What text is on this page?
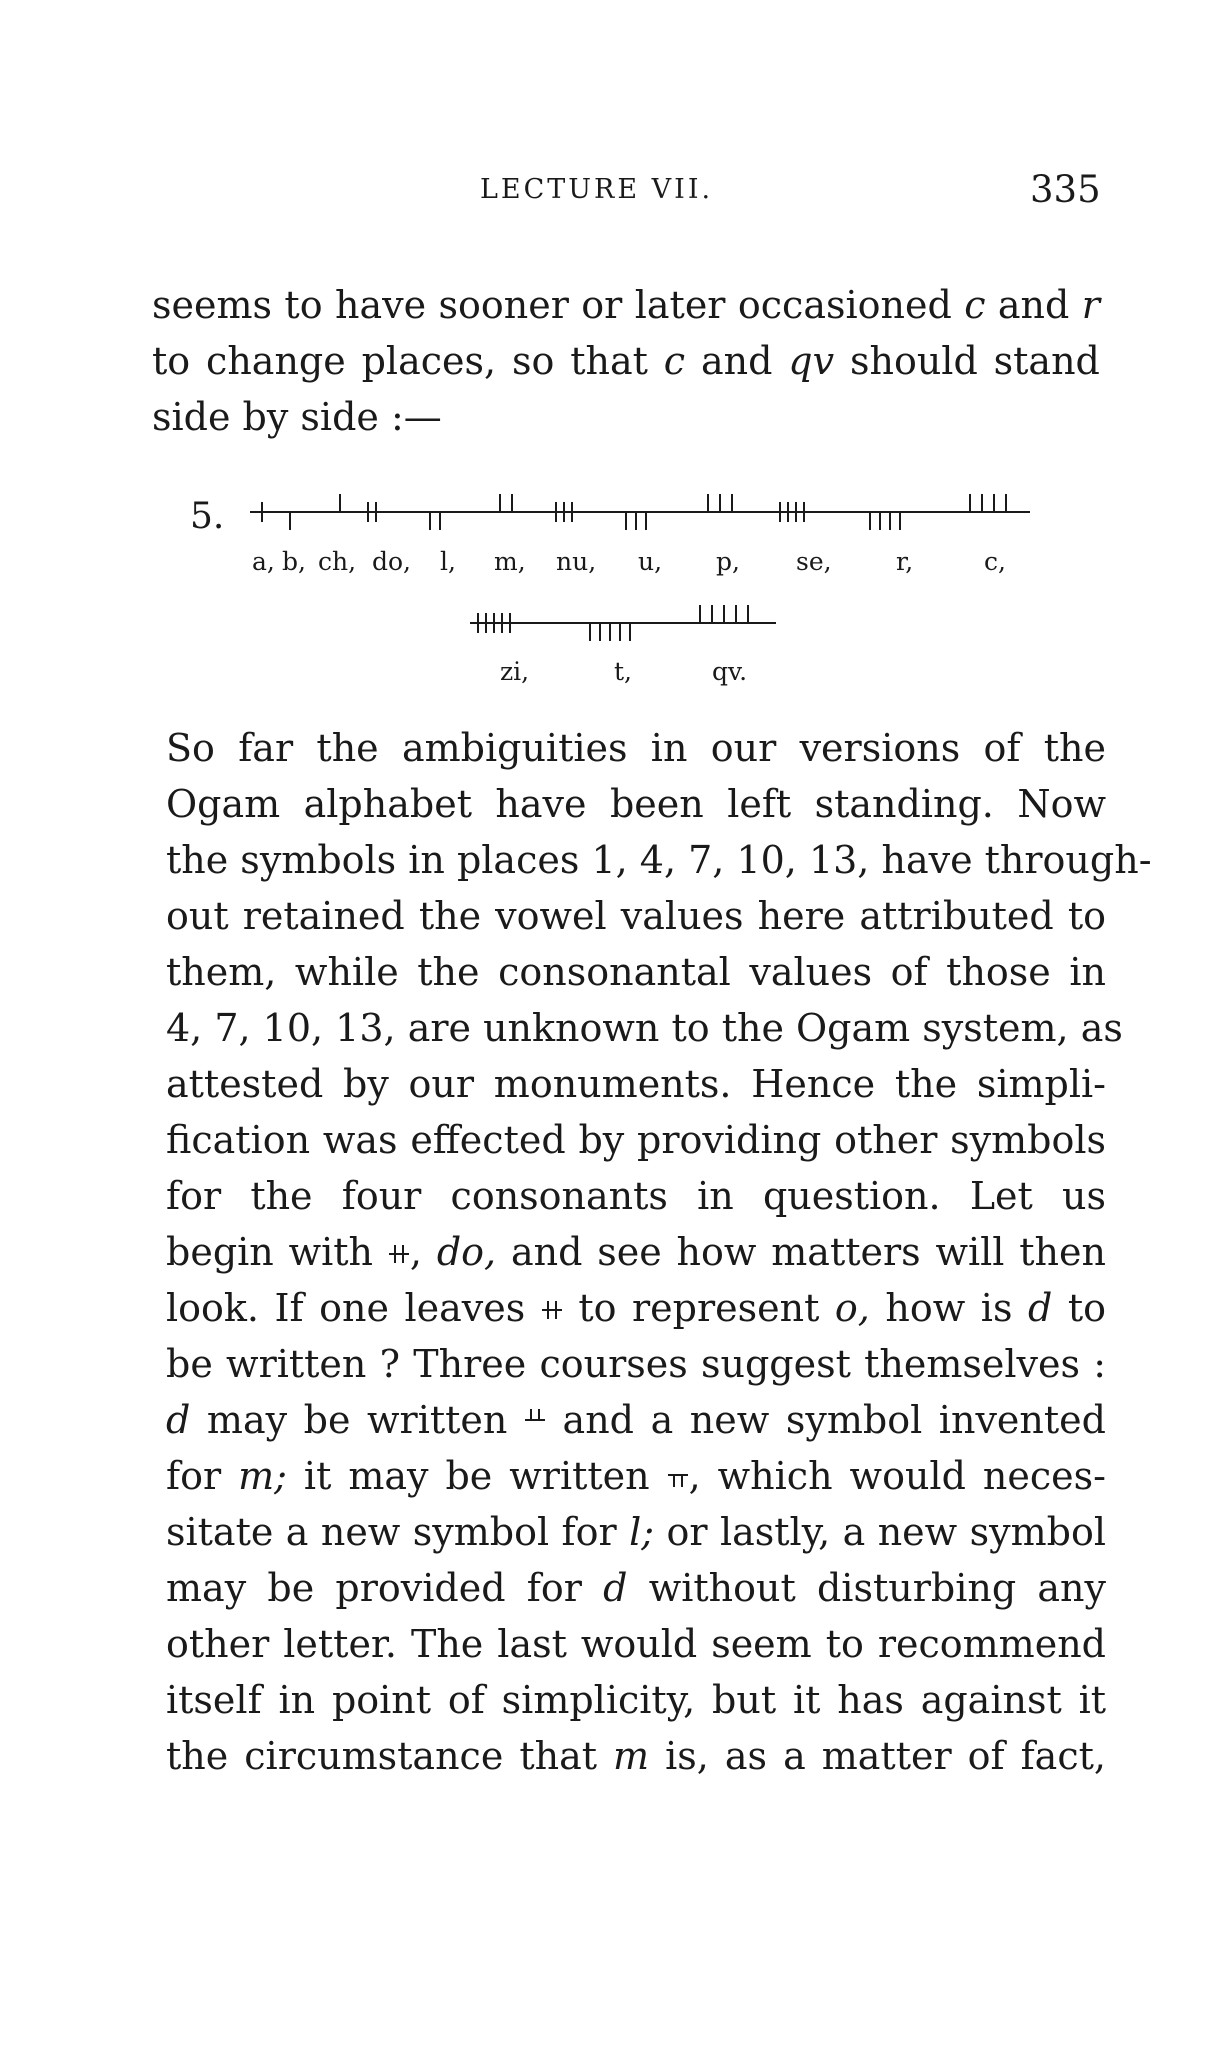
LECTURE VII.	335
seems to have sooner or later occasioned c and r
to change places, so that c and qv should stand
side by side :—
5.
a, b, ch, do, l, m, nu, u, p, se,	r,	c,
zi,	t,	qv.
So far the ambiguities in our versions of the
Ogam alphabet have been left standing. Now
the symbols in places 1, 4, 7, 10, 13, have through-
out retained the vowel values here attributed to
them, while the consonantal values of those in
4, 7, 10, 13, are unknown to the Ogam system, as
attested by our monuments. Hence the simpli-
fication was effected by providing other symbols
for the four consonants in question. Let us
begin with , do, and see how matters will then
look. If one leaves to represent o, how is d to
be written ? Three courses suggest themselves :
d may be written and a new symbol invented
for m; it may be written , which would neces-
sitate a new symbol for l; or lastly, a new symbol
may be provided for d without disturbing any
other letter. The last would seem to recommend
itself in point of simplicity, but it has against it
the circumstance that m is, as a matter of fact,
